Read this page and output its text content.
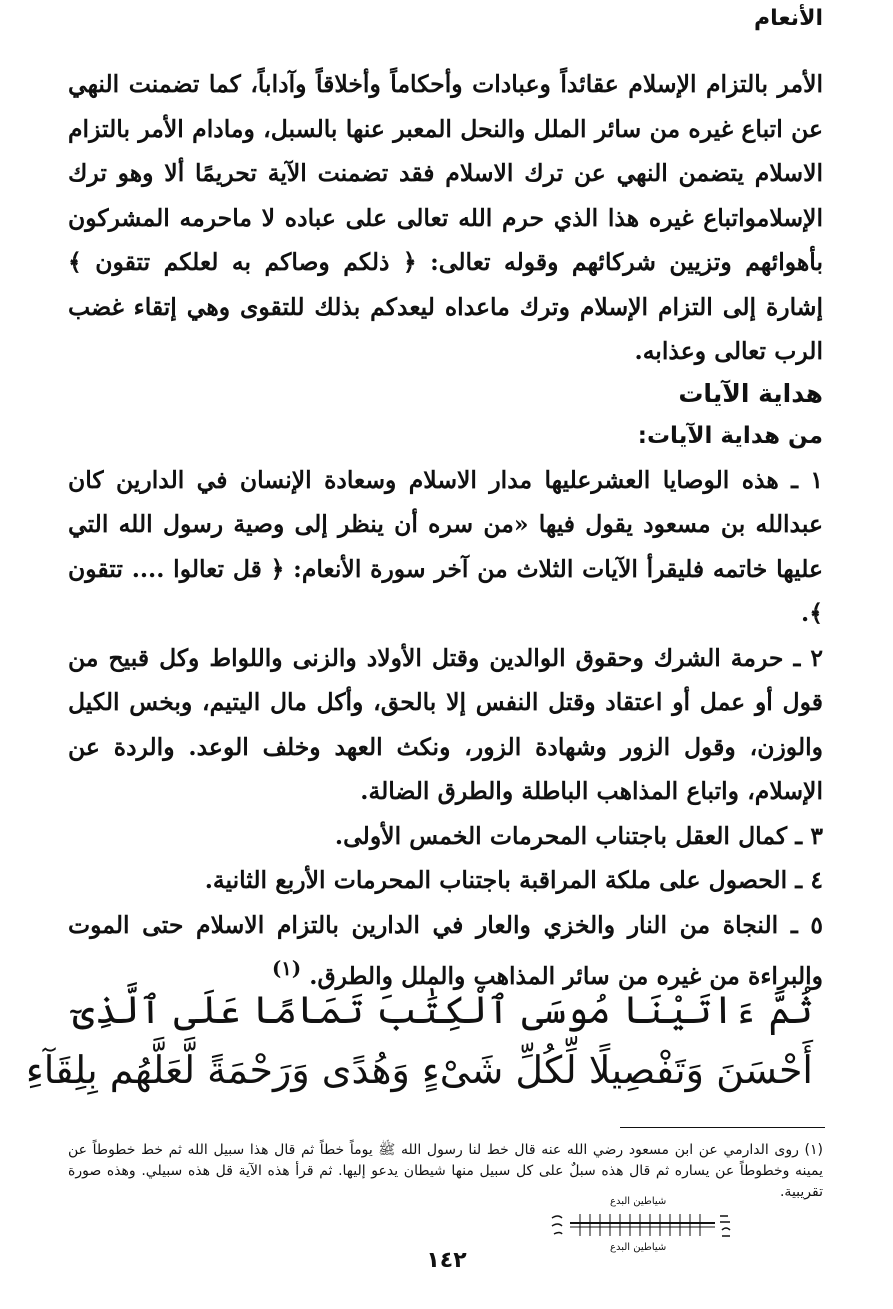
الأنعام

الأمر بالتزام الإسلام عقائداً وعبادات وأحكاماً وأخلاقاً وآداباً، كما تضمنت النهي عن اتباع غيره من سائر الملل والنحل المعبر عنها بالسبل، ومادام الأمر بالتزام الاسلام يتضمن النهي عن ترك الاسلام فقد تضمنت الآية تحريمًا ألا وهو ترك الإسلامواتباع غيره هذا الذي حرم الله تعالى على عباده لا ماحرمه المشركون بأهوائهم وتزيين شركائهم وقوله تعالى: ﴿ ذلكم وصاكم به لعلكم تتقون ﴾ إشارة إلى التزام الإسلام وترك ماعداه ليعدكم بذلك للتقوى وهي إتقاء غضب الرب تعالى وعذابه.

هداية الآيات

من هداية الآيات:

١ ـ هذه الوصايا العشرعليها مدار الاسلام وسعادة الإنسان في الدارين كان عبدالله بن مسعود يقول فيها «من سره أن ينظر إلى وصية رسول الله التي عليها خاتمه فليقرأ الآيات الثلاث من آخر سورة الأنعام: ﴿ قل تعالوا .... تتقون ﴾.

٢ ـ حرمة الشرك وحقوق الوالدين وقتل الأولاد والزنى واللواط وكل قبيح من قول أو عمل أو اعتقاد وقتل النفس إلا بالحق، وأكل مال اليتيم، وبخس الكيل والوزن، وقول الزور وشهادة الزور، ونكث العهد وخلف الوعد. والردة عن الإسلام، واتباع المذاهب الباطلة والطرق الضالة.

٣ ـ كمال العقل باجتناب المحرمات الخمس الأولى.

٤ ـ الحصول على ملكة المراقبة باجتناب المحرمات الأربع الثانية.

٥ ـ النجاة من النار والخزي والعار في الدارين بالتزام الاسلام حتى الموت والبراءة من غيره من سائر المذاهب والملل والطرق. $^{(١)}$

ثُمَّ ءَاتَيْنَا مُوسَى ٱلْكِتَٰبَ تَمَامًا عَلَى ٱلَّذِىٓ
أَحْسَنَ وَتَفْصِيلًا لِّكُلِّ شَىْءٍ وَهُدًى وَرَحْمَةً لَّعَلَّهُم بِلِقَآءِ

(١) روى الدارمي عن ابن مسعود رضي الله عنه قال خط لنا رسول الله ﷺ يوماً خطاً ثم قال هذا سبيل الله ثم خط خطوطاً عن يمينه وخطوطاً عن يساره ثم قال هذه سبلٌ على كل سبيل منها شيطان يدعو إليها. ثم قرأ هذه الآية قل هذه سبيلي. وهذه صورة تقريبية.

شياطين البدع
شياطين البدع
١٤٢
